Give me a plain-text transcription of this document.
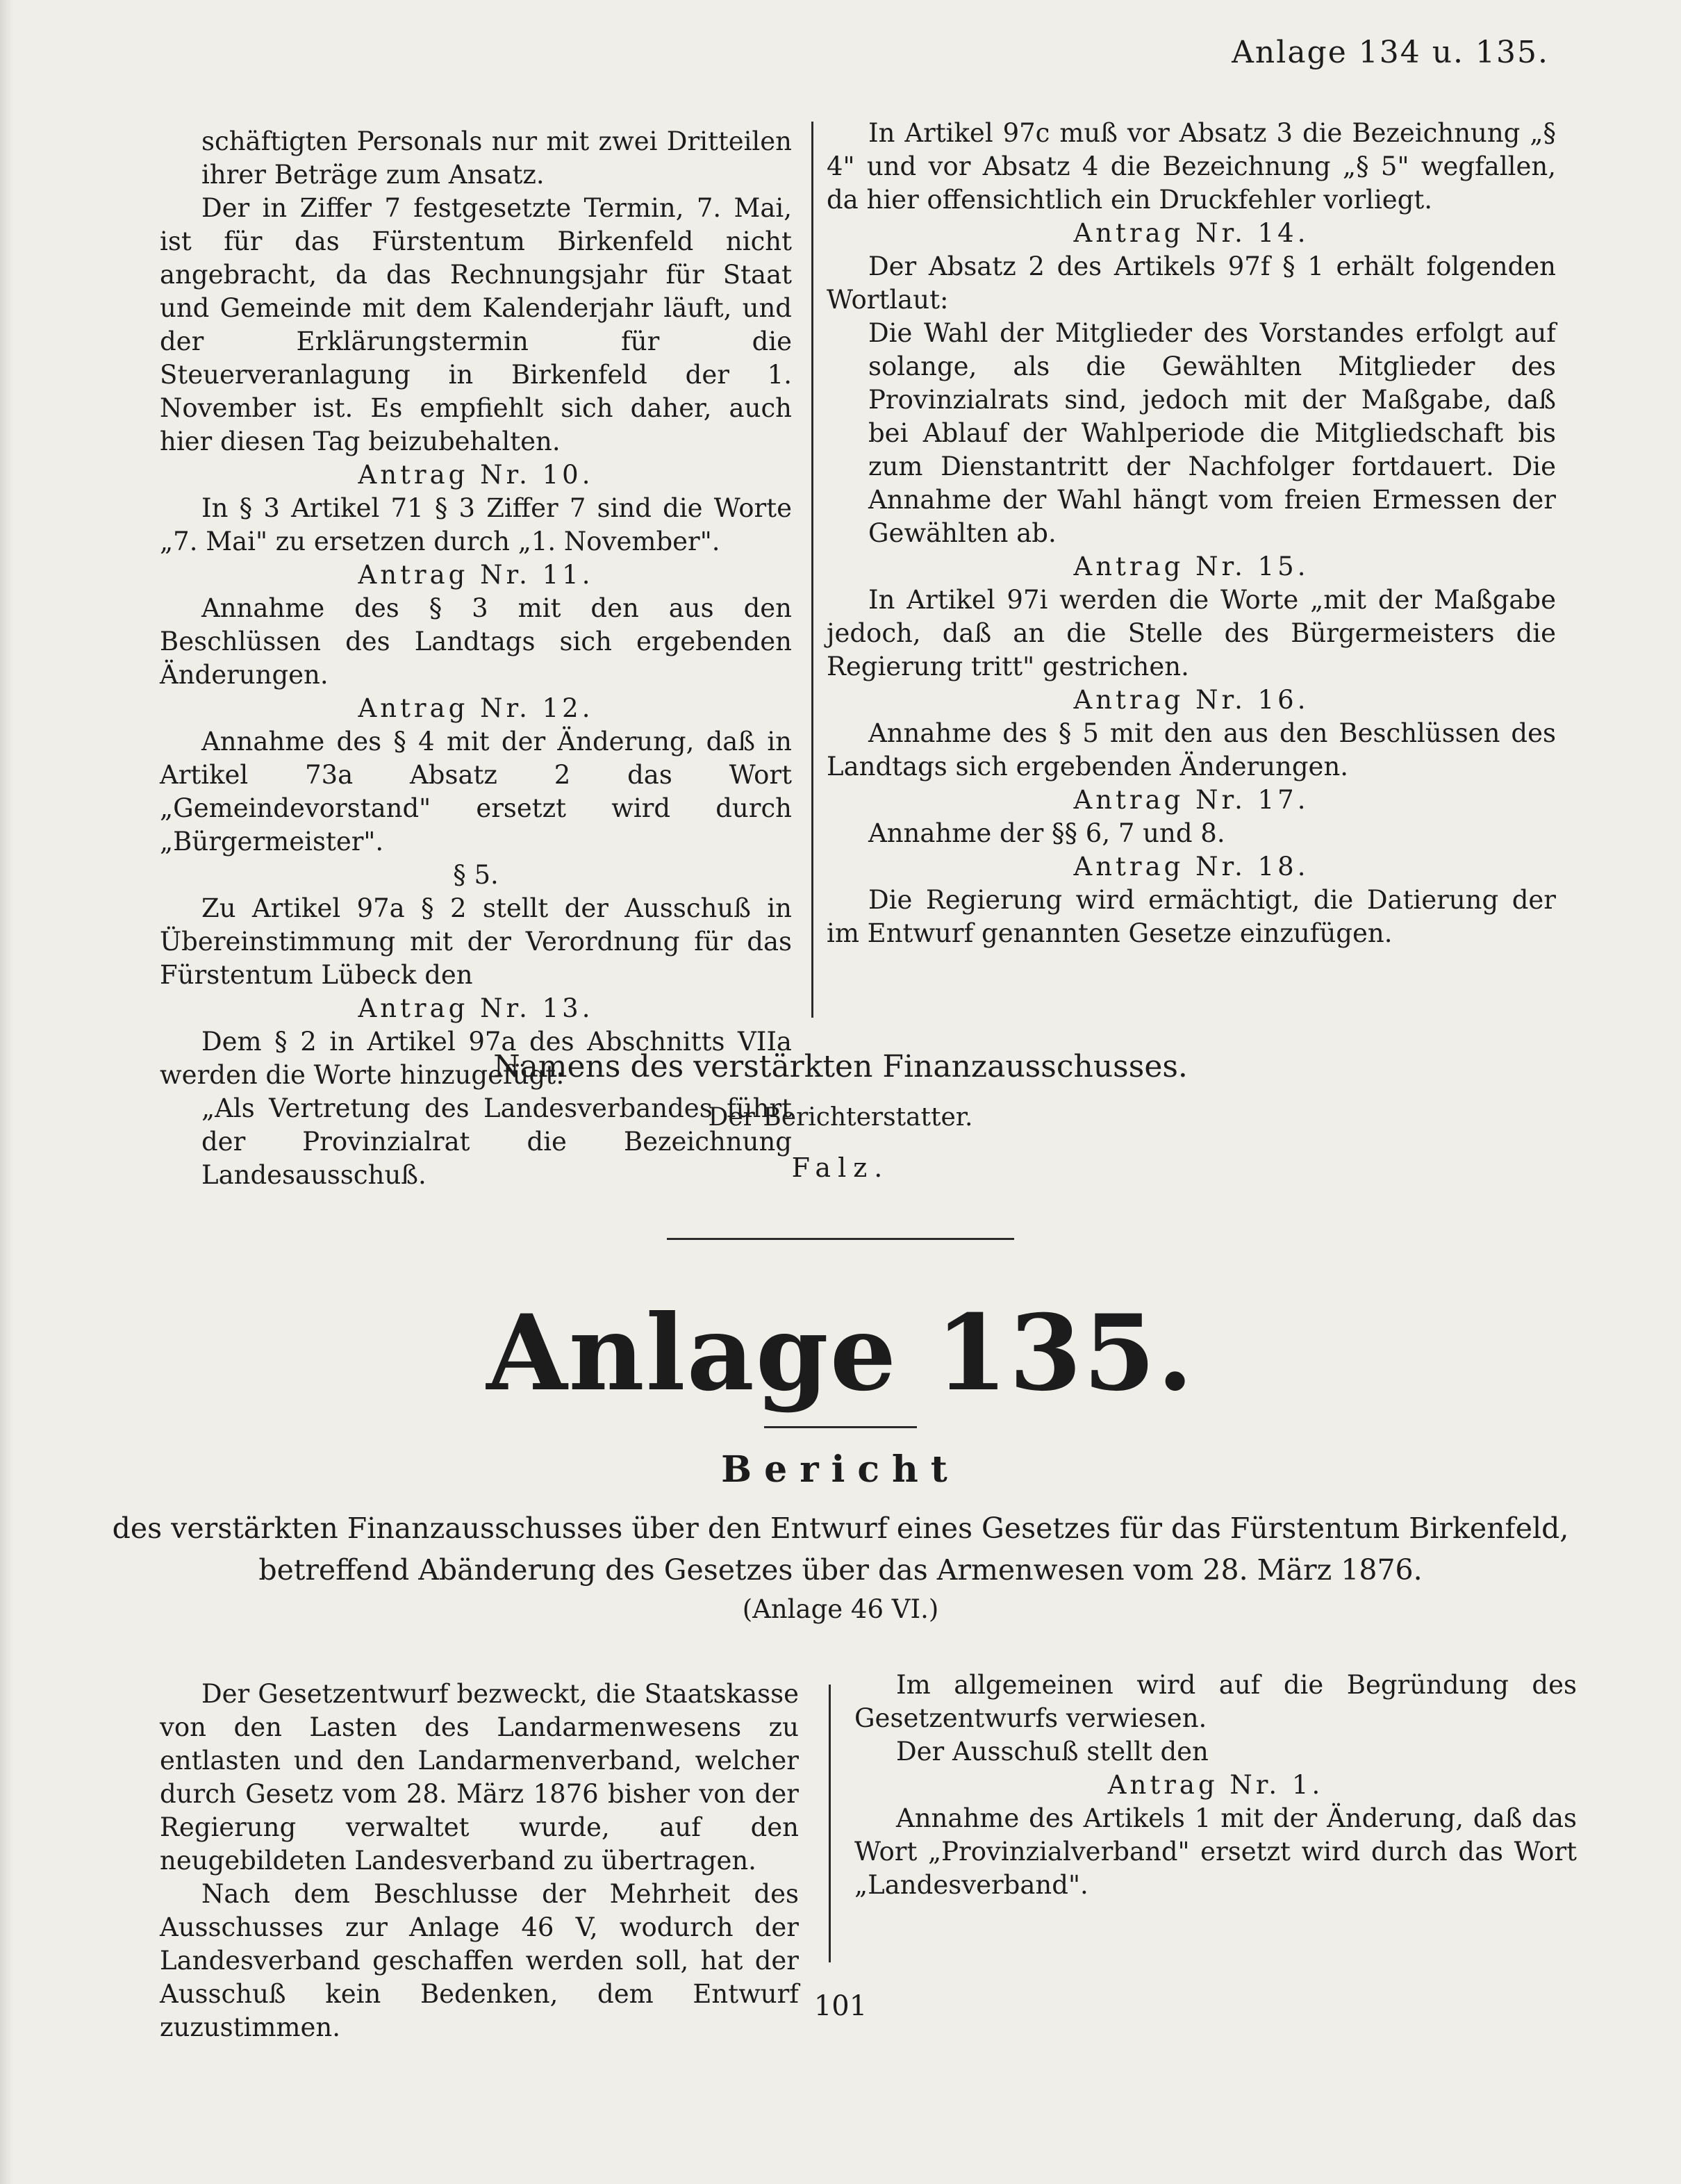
Anlage 134 u. 135.

schäftigten Personals nur mit zwei Dritteilen ihrer Beträge zum Ansatz.

Der in Ziffer 7 festgesetzte Termin, 7. Mai, ist für das Fürstentum Birkenfeld nicht angebracht, da das Rechnungsjahr für Staat und Gemeinde mit dem Kalenderjahr läuft, und der Erklärungstermin für die Steuerveranlagung in Birkenfeld der 1. November ist. Es empfiehlt sich daher, auch hier diesen Tag beizubehalten.

Antrag Nr. 10.

In § 3 Artikel 71 § 3 Ziffer 7 sind die Worte „7. Mai" zu ersetzen durch „1. November".

Antrag Nr. 11.

Annahme des § 3 mit den aus den Beschlüssen des Landtags sich ergebenden Änderungen.

Antrag Nr. 12.

Annahme des § 4 mit der Änderung, daß in Artikel 73a Absatz 2 das Wort „Gemeindevorstand" ersetzt wird durch „Bürgermeister".

§ 5.

Zu Artikel 97a § 2 stellt der Ausschuß in Übereinstimmung mit der Verordnung für das Fürstentum Lübeck den

Antrag Nr. 13.

Dem § 2 in Artikel 97a des Abschnitts VIIa werden die Worte hinzugefügt:

„Als Vertretung des Landesverbandes führt der Provinzialrat die Bezeichnung Landesausschuß.

In Artikel 97c muß vor Absatz 3 die Bezeichnung „§ 4" und vor Absatz 4 die Bezeichnung „§ 5" wegfallen, da hier offensichtlich ein Druckfehler vorliegt.

Antrag Nr. 14.

Der Absatz 2 des Artikels 97f § 1 erhält folgenden Wortlaut:

Die Wahl der Mitglieder des Vorstandes erfolgt auf solange, als die Gewählten Mitglieder des Provinzialrats sind, jedoch mit der Maßgabe, daß bei Ablauf der Wahlperiode die Mitgliedschaft bis zum Dienstantritt der Nachfolger fortdauert. Die Annahme der Wahl hängt vom freien Ermessen der Gewählten ab.

Antrag Nr. 15.

In Artikel 97i werden die Worte „mit der Maßgabe jedoch, daß an die Stelle des Bürgermeisters die Regierung tritt" gestrichen.

Antrag Nr. 16.

Annahme des § 5 mit den aus den Beschlüssen des Landtags sich ergebenden Änderungen.

Antrag Nr. 17.

Annahme der §§ 6, 7 und 8.

Antrag Nr. 18.

Die Regierung wird ermächtigt, die Datierung der im Entwurf genannten Gesetze einzufügen.

Namens des verstärkten Finanzausschusses.
Der Berichterstatter.
Falz.
Anlage 135.
Bericht
des verstärkten Finanzausschusses über den Entwurf eines Gesetzes für das Fürstentum Birkenfeld, betreffend Abänderung des Gesetzes über das Armenwesen vom 28. März 1876.
(Anlage 46 VI.)

Der Gesetzentwurf bezweckt, die Staatskasse von den Lasten des Landarmenwesens zu entlasten und den Landarmenverband, welcher durch Gesetz vom 28. März 1876 bisher von der Regierung verwaltet wurde, auf den neugebildeten Landesverband zu übertragen.

Nach dem Beschlusse der Mehrheit des Ausschusses zur Anlage 46 V, wodurch der Landesverband geschaffen werden soll, hat der Ausschuß kein Bedenken, dem Entwurf zuzustimmen.

Im allgemeinen wird auf die Begründung des Gesetzentwurfs verwiesen.

Der Ausschuß stellt den

Antrag Nr. 1.

Annahme des Artikels 1 mit der Änderung, daß das Wort „Provinzialverband" ersetzt wird durch das Wort „Landesverband".

101
